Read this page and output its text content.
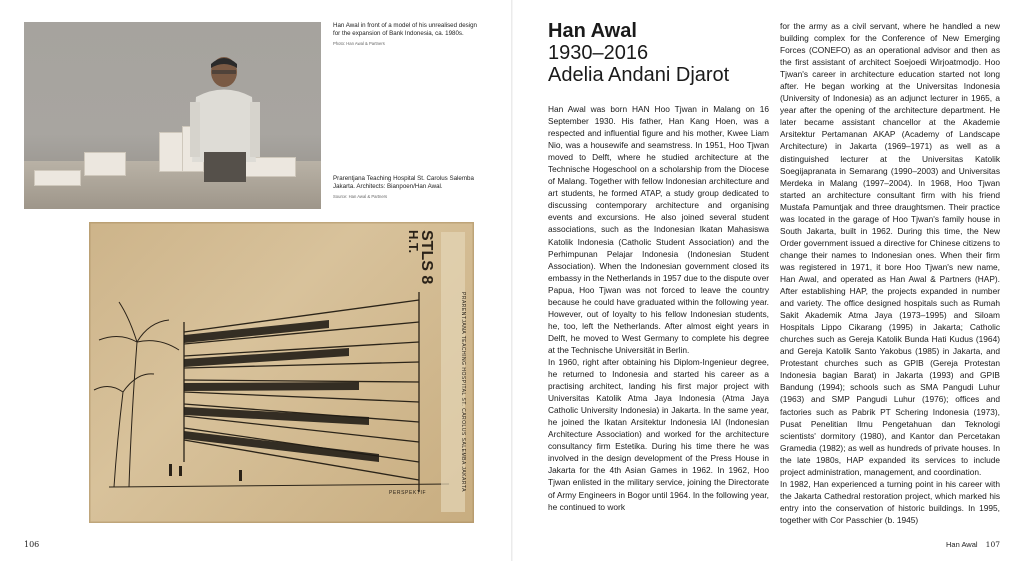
Han Awal in front of a model of his unrealised design for the expansion of Bank Indonesia, ca. 1980s.
Photo: Han Awal & Partners
Prarentjana Teaching Hospital St. Carolus Salemba Jakarta. Architects: Bianpoen/Han Awal.
Source: Han Awal & Partners
STLS 8
H.T.
PRARENTJANA TEACHING HOSPITAL ST. CAROLUS SALEMBA JAKARTA
PERSPEKTIF
Han Awal

1930–2016

Adelia Andani Djarot

Han Awal was born HAN Hoo Tjwan in Malang on 16 September 1930. His father, Han Kang Hoen, was a respected and influential figure and his mother, Kwee Liam Nio, was a housewife and seamstress. In 1951, Hoo Tjwan moved to Delft, where he studied architecture at the Technische Hogeschool on a scholarship from the Diocese of Malang. Together with fellow Indonesian architecture and art students, he formed ATAP, a study group dedicated to discussing contemporary architecture and organising events and excursions. He also joined several student associations, such as the Indonesian Ikatan Mahasiswa Katolik Indonesia (Catholic Student Association) and the Perhimpunan Pelajar Indonesia (Indonesian Student Association). When the Indonesian government closed its embassy in the Netherlands in 1957 due to the dispute over Papua, Hoo Tjwan was not forced to leave the country because he could have graduated within the following year. However, out of loyalty to his fellow Indonesian students, he, too, left the Netherlands. After almost eight years in Delft, he moved to West Germany to complete his degree at the Technische Universität in Berlin.

In 1960, right after obtaining his Diplom-Ingenieur degree, he returned to Indonesia and started his career as a practising architect, landing his first major project with Universitas Katolik Atma Jaya Indonesia (Atma Jaya Catholic University Indonesia) in Jakarta. In the same year, he joined the Ikatan Arsitektur Indonesia IAI (Indonesian Architecture Association) and worked for the architecture consultancy firm Estetika. During his time there he was involved in the design development of the Press House in Jakarta for the 4th Asian Games in 1962. In 1962, Hoo Tjwan enlisted in the military service, joining the Directorate of Army Engineers in Bogor until 1964. In the following year, he continued to work

for the army as a civil servant, where he handled a new building complex for the Conference of New Emerging Forces (CONEFO) as an operational advisor and then as the first assistant of architect Soejoedi Wirjoatmodjo. Hoo Tjwan's career in architecture education started not long after. He began working at the Universitas Indonesia (University of Indonesia) as an adjunct lecturer in 1965, a year after the opening of the architecture department. He later became assistant chancellor at the Akademie Arsitektur Pertamanan AKAP (Academy of Landscape Architecture) in Jakarta (1969–1971) as well as a distinguished lecturer at the Universitas Katolik Soegijapranata in Semarang (1990–2003) and Universitas Merdeka in Malang (1997–2004). In 1968, Hoo Tjwan started an architecture consultant firm with his friend Mustafa Pamuntjak and three draughtsmen. Their practice was located in the garage of Hoo Tjwan's family house in South Jakarta, built in 1962. During this time, the New Order government issued a directive for Chinese citizens to change their names to Indonesian ones. When their firm was registered in 1971, it bore Hoo Tjwan's new name, Han Awal, and operated as Han Awal & Partners (HAP). After establishing HAP, the projects expanded in number and variety. The office designed hospitals such as Rumah Sakit Akademik Atma Jaya (1973–1995) and Siloam Hospitals Lippo Cikarang (1995) in Jakarta; Catholic churches such as Gereja Katolik Bunda Hati Kudus (1964) and Gereja Katolik Santo Yakobus (1985) in Jakarta, and Protestant churches such as GPIB (Gereja Protestan Indonesia bagian Barat) in Jakarta (1993) and GPIB Bandung (1994); schools such as SMA Pangudi Luhur (1963) and SMP Pangudi Luhur (1976); offices and factories such as Pabrik PT Schering Indonesia (1973), Pusat Penelitian Ilmu Pengetahuan dan Teknologi scientists' dormitory (1980), and Kantor dan Percetakan Gramedia (1982); as well as hundreds of private houses. In the late 1980s, HAP expanded its services to include project administration, management, and coordination.

In 1982, Han experienced a turning point in his career with the Jakarta Cathedral restoration project, which marked his entry into the conservation of historic buildings. In 1995, together with Cor Passchier (b. 1945)

106	Han Awal 107
